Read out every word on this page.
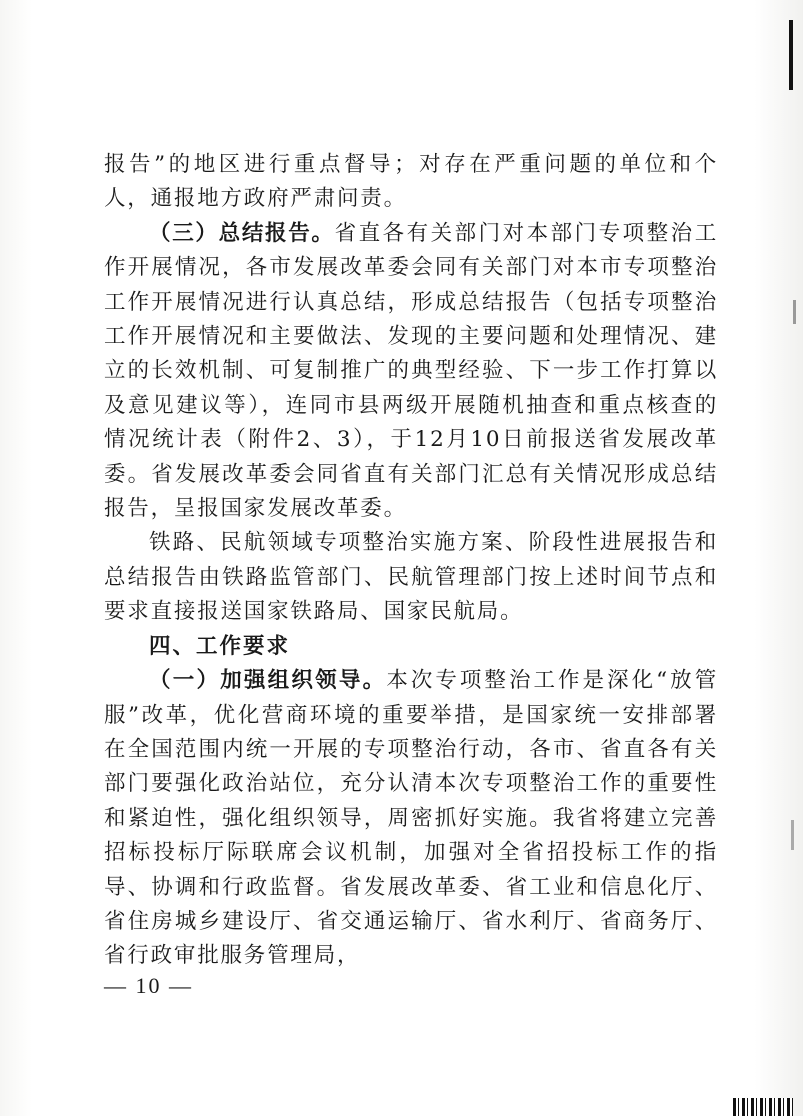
报告”的地区进行重点督导；对存在严重问题的单位和个人，通报地方政府严肃问责。

（三）总结报告。省直各有关部门对本部门专项整治工作开展情况，各市发展改革委会同有关部门对本市专项整治工作开展情况进行认真总结，形成总结报告（包括专项整治工作开展情况和主要做法、发现的主要问题和处理情况、建立的长效机制、可复制推广的典型经验、下一步工作打算以及意见建议等），连同市县两级开展随机抽查和重点核查的情况统计表（附件2、3），于12月10日前报送省发展改革委。省发展改革委会同省直有关部门汇总有关情况形成总结报告，呈报国家发展改革委。

铁路、民航领域专项整治实施方案、阶段性进展报告和总结报告由铁路监管部门、民航管理部门按上述时间节点和要求直接报送国家铁路局、国家民航局。

四、工作要求

（一）加强组织领导。本次专项整治工作是深化“放管服”改革，优化营商环境的重要举措，是国家统一安排部署在全国范围内统一开展的专项整治行动，各市、省直各有关部门要强化政治站位，充分认清本次专项整治工作的重要性和紧迫性，强化组织领导，周密抓好实施。我省将建立完善招标投标厅际联席会议机制，加强对全省招投标工作的指导、协调和行政监督。省发展改革委、省工业和信息化厅、省住房城乡建设厅、省交通运输厅、省水利厅、省商务厅、省行政审批服务管理局，

— 10 —
